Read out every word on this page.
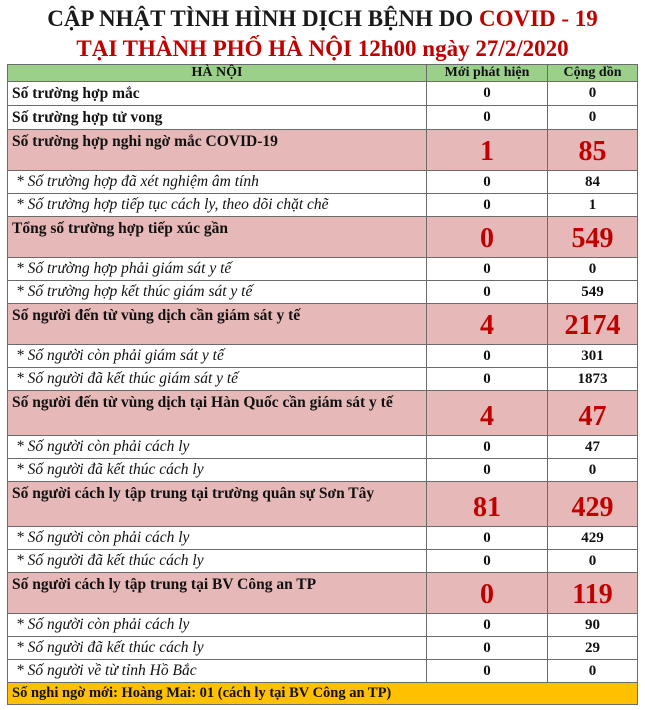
CẬP NHẬT TÌNH HÌNH DỊCH BỆNH DO COVID - 19
TẠI THÀNH PHỐ HÀ NỘI 12h00 ngày 27/2/2020
HÀ NỘI	Mới phát hiện	Cộng dồn
Số trường hợp mắc	0	0
Số trường hợp tử vong	0	0
Số trường hợp nghi ngờ mắc COVID-19	1	85
* Số trường hợp đã xét nghiệm âm tính	0	84
* Số trường hợp tiếp tục cách ly, theo dõi chặt chẽ	0	1
Tổng số trường hợp tiếp xúc gần	0	549
* Số trường hợp phải giám sát y tế	0	0
* Số trường hợp kết thúc giám sát y tế	0	549
Số người đến từ vùng dịch cần giám sát y tế	4	2174
* Số người còn phải giám sát y tế	0	301
* Số người đã kết thúc giám sát y tế	0	1873
Số người đến từ vùng dịch tại Hàn Quốc cần giám sát y tế	4	47
* Số người còn phải cách ly	0	47
* Số người đã kết thúc cách ly	0	0
Số người cách ly tập trung tại trường quân sự Sơn Tây	81	429
* Số người còn phải cách ly	0	429
* Số người đã kết thúc cách ly	0	0
Số người cách ly tập trung tại BV Công an TP	0	119
* Số người còn phải cách ly	0	90
* Số người đã kết thúc cách ly	0	29
* Số người về từ tỉnh Hồ Bắc	0	0
Số nghi ngờ mới: Hoàng Mai: 01 (cách ly tại BV Công an TP)		
